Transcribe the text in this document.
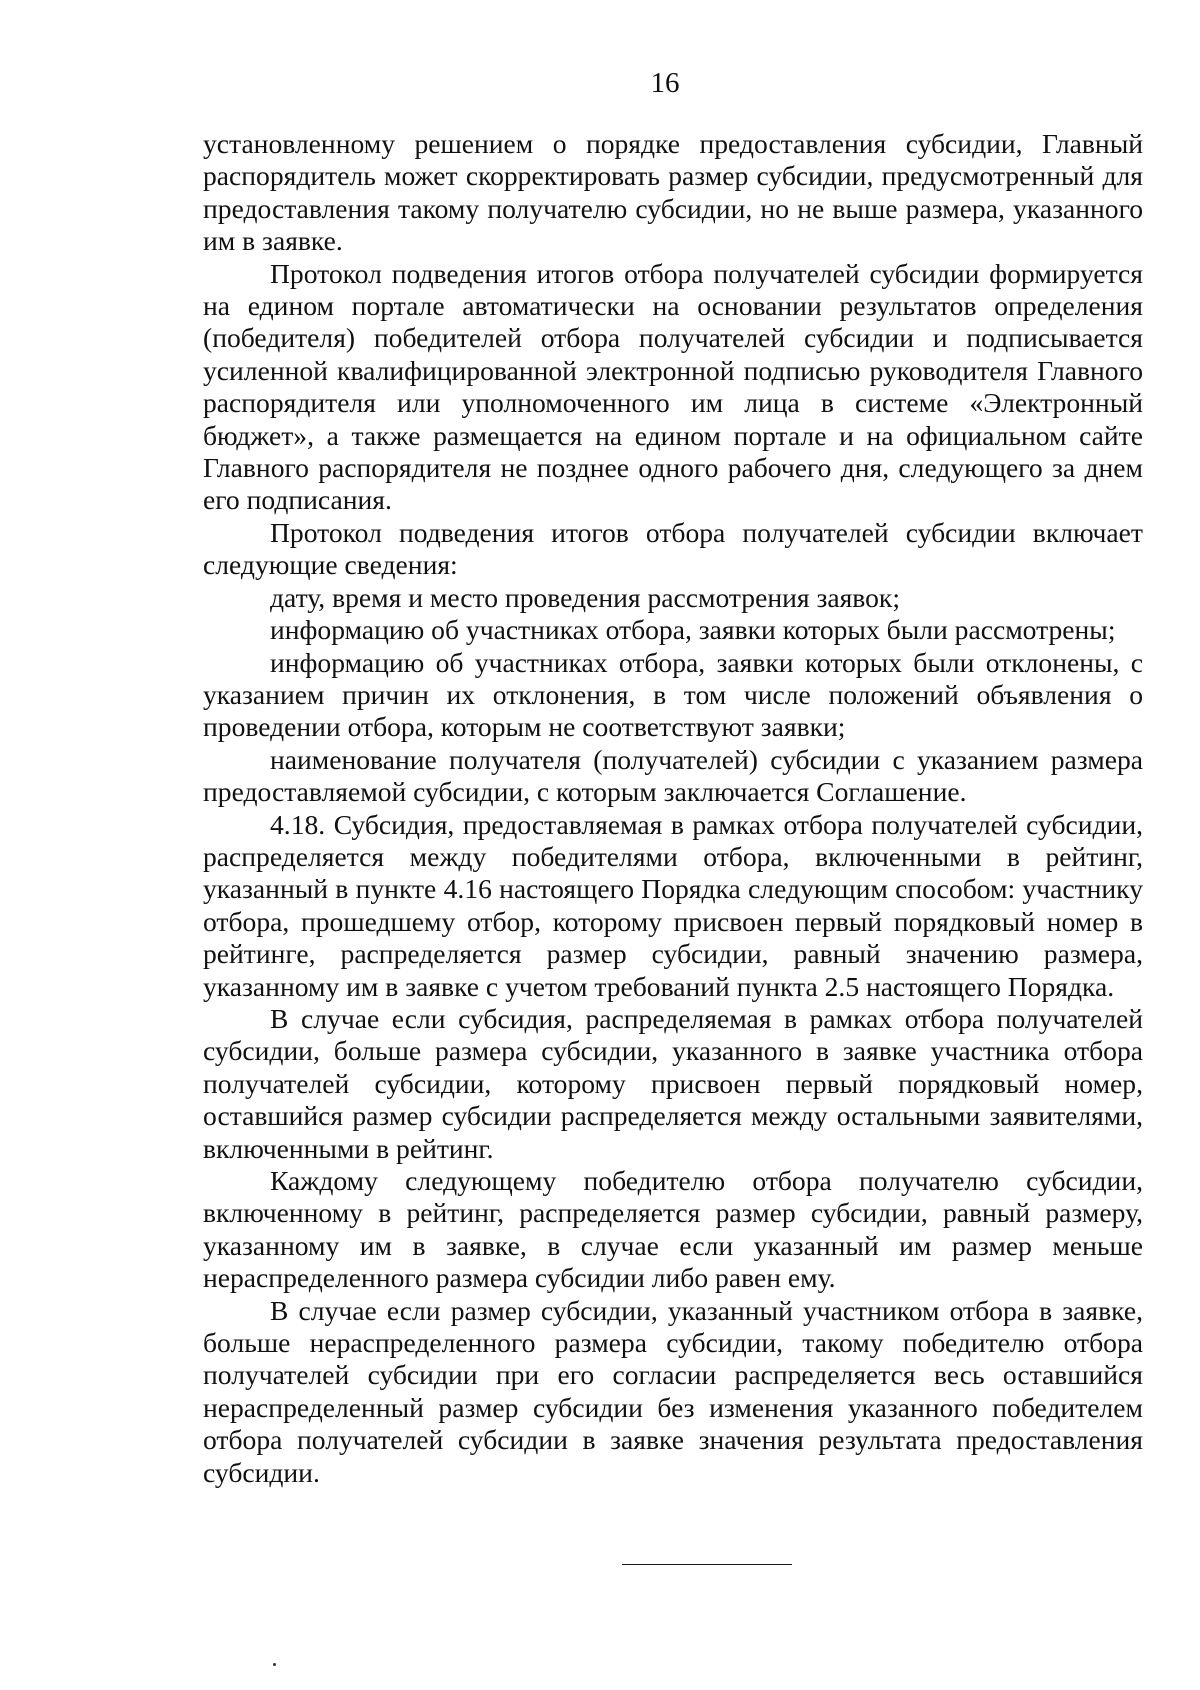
16

установленному решением о порядке предоставления субсидии, Главный распорядитель может скорректировать размер субсидии, предусмотренный для предоставления такому получателю субсидии, но не выше размера, указанного им в заявке.

Протокол подведения итогов отбора получателей субсидии формируется на едином портале автоматически на основании результатов определения (победителя) победителей отбора получателей субсидии и подписывается усиленной квалифицированной электронной подписью руководителя Главного распорядителя или уполномоченного им лица в системе «Электронный бюджет», а также размещается на едином портале и на официальном сайте Главного распорядителя не позднее одного рабочего дня, следующего за днем его подписания.

Протокол подведения итогов отбора получателей субсидии включает следующие сведения:

дату, время и место проведения рассмотрения заявок;

информацию об участниках отбора, заявки которых были рассмотрены;

информацию об участниках отбора, заявки которых были отклонены, с указанием причин их отклонения, в том числе положений объявления о проведении отбора, которым не соответствуют заявки;

наименование получателя (получателей) субсидии с указанием размера предоставляемой субсидии, с которым заключается Соглашение.

4.18. Субсидия, предоставляемая в рамках отбора получателей субсидии, распределяется между победителями отбора, включенными в рейтинг, указанный в пункте 4.16 настоящего Порядка следующим способом: участнику отбора, прошедшему отбор, которому присвоен первый порядковый номер в рейтинге, распределяется размер субсидии, равный значению размера, указанному им в заявке с учетом требований пункта 2.5 настоящего Порядка.

В случае если субсидия, распределяемая в рамках отбора получателей субсидии, больше размера субсидии, указанного в заявке участника отбора получателей субсидии, которому присвоен первый порядковый номер, оставшийся размер субсидии распределяется между остальными заявителями, включенными в рейтинг.

Каждому следующему победителю отбора получателю субсидии, включенному в рейтинг, распределяется размер субсидии, равный размеру, указанному им в заявке, в случае если указанный им размер меньше нераспределенного размера субсидии либо равен ему.

В случае если размер субсидии, указанный участником отбора в заявке, больше нераспределенного размера субсидии, такому победителю отбора получателей субсидии при его согласии распределяется весь оставшийся нераспределенный размер субсидии без изменения указанного победителем отбора получателей субсидии в заявке значения результата предоставления субсидии.
